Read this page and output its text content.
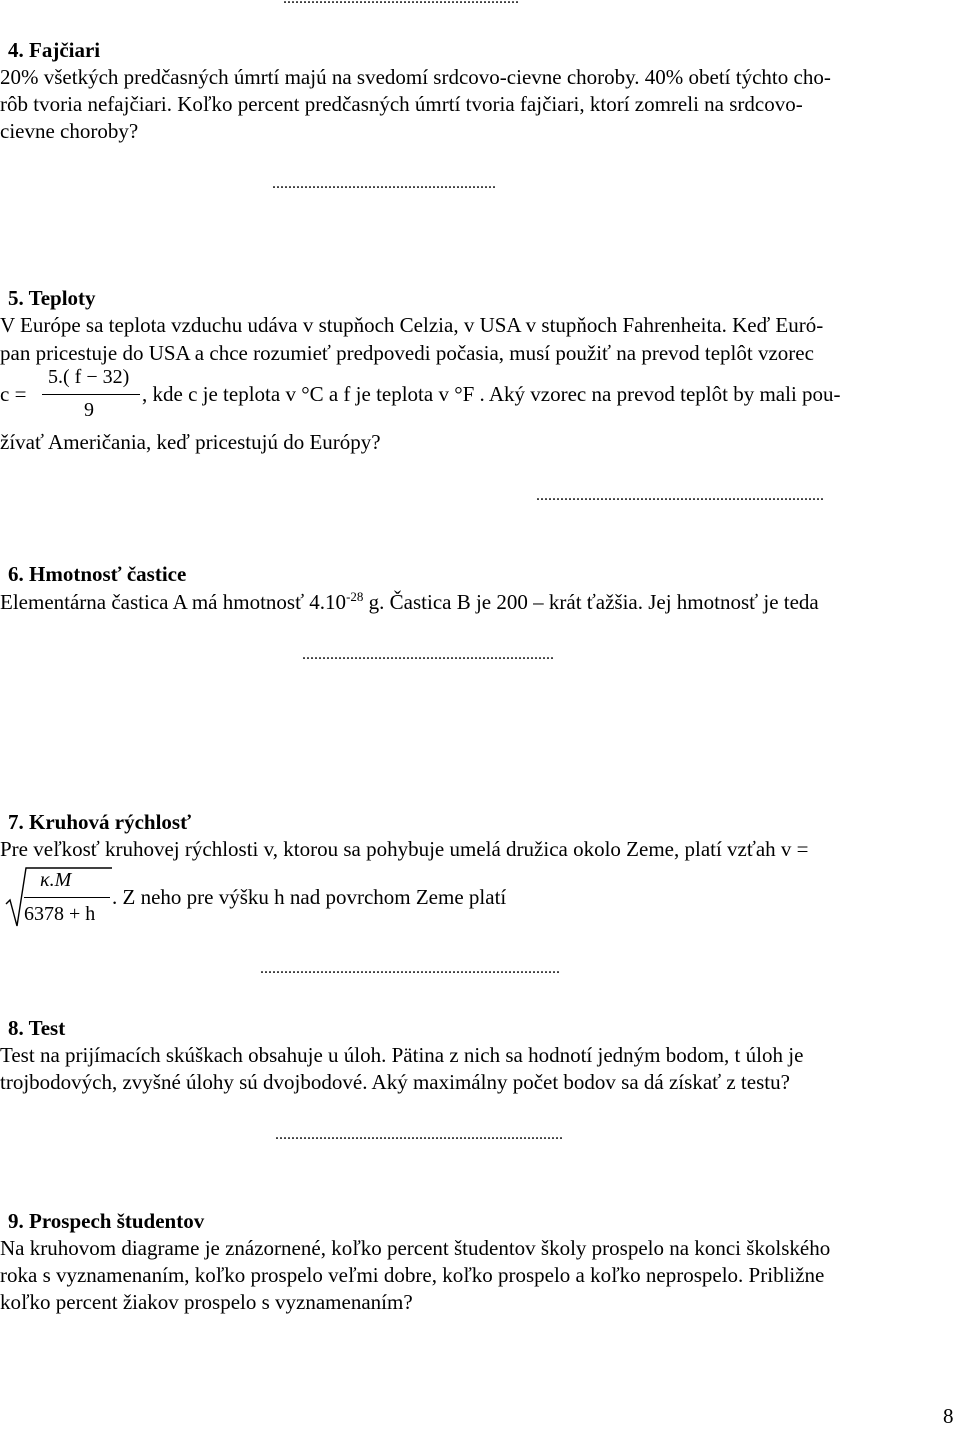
4. Fajčiari
20% všetkých predčasných úmrtí majú na svedomí srdcovo-cievne choroby. 40% obetí týchto cho-
rôb tvoria nefajčiari. Koľko percent predčasných úmrtí tvoria fajčiari, ktorí zomreli na srdcovo-
cievne choroby?
........................................................
5. Teploty
V Európe sa teplota vzduchu udáva v stupňoch Celzia, v USA v stupňoch Fahrenheita. Keď Euró-
pan pricestuje do USA a chce rozumieť predpovedi počasia, musí použiť na prevod teplôt vzorec
c =
5.( f − 32)
9
, kde c je teplota v °C a f je teplota v °F . Aký vzorec na prevod teplôt by mali pou-
žívať Američania, keď pricestujú do Európy?
........................................................................
6. Hmotnosť častice
Elementárna častica A má hmotnosť $4.10^{-28}$ g. Častica B je 200 – krát ťažšia. Jej hmotnosť je teda
...............................................................
7. Kruhová rýchlosť
Pre veľkosť kruhovej rýchlosti v, ktorou sa pohybuje umelá družica okolo Zeme, platí vzťah v =
κ.M
6378 + h
. Z neho pre výšku h nad povrchom Zeme platí
...........................................................................
8. Test
Test na prijímacích skúškach obsahuje u úloh. Pätina z nich sa hodnotí jedným bodom, t úloh je
trojbodových, zvyšné úlohy sú dvojbodové. Aký maximálny počet bodov sa dá získať z testu?
........................................................................
9. Prospech študentov
Na kruhovom diagrame je znázornené, koľko percent študentov školy prospelo na konci školského
roka s vyznamenaním, koľko prospelo veľmi dobre, koľko prospelo a koľko neprospelo. Približne
koľko percent žiakov prospelo s vyznamenaním?
8
